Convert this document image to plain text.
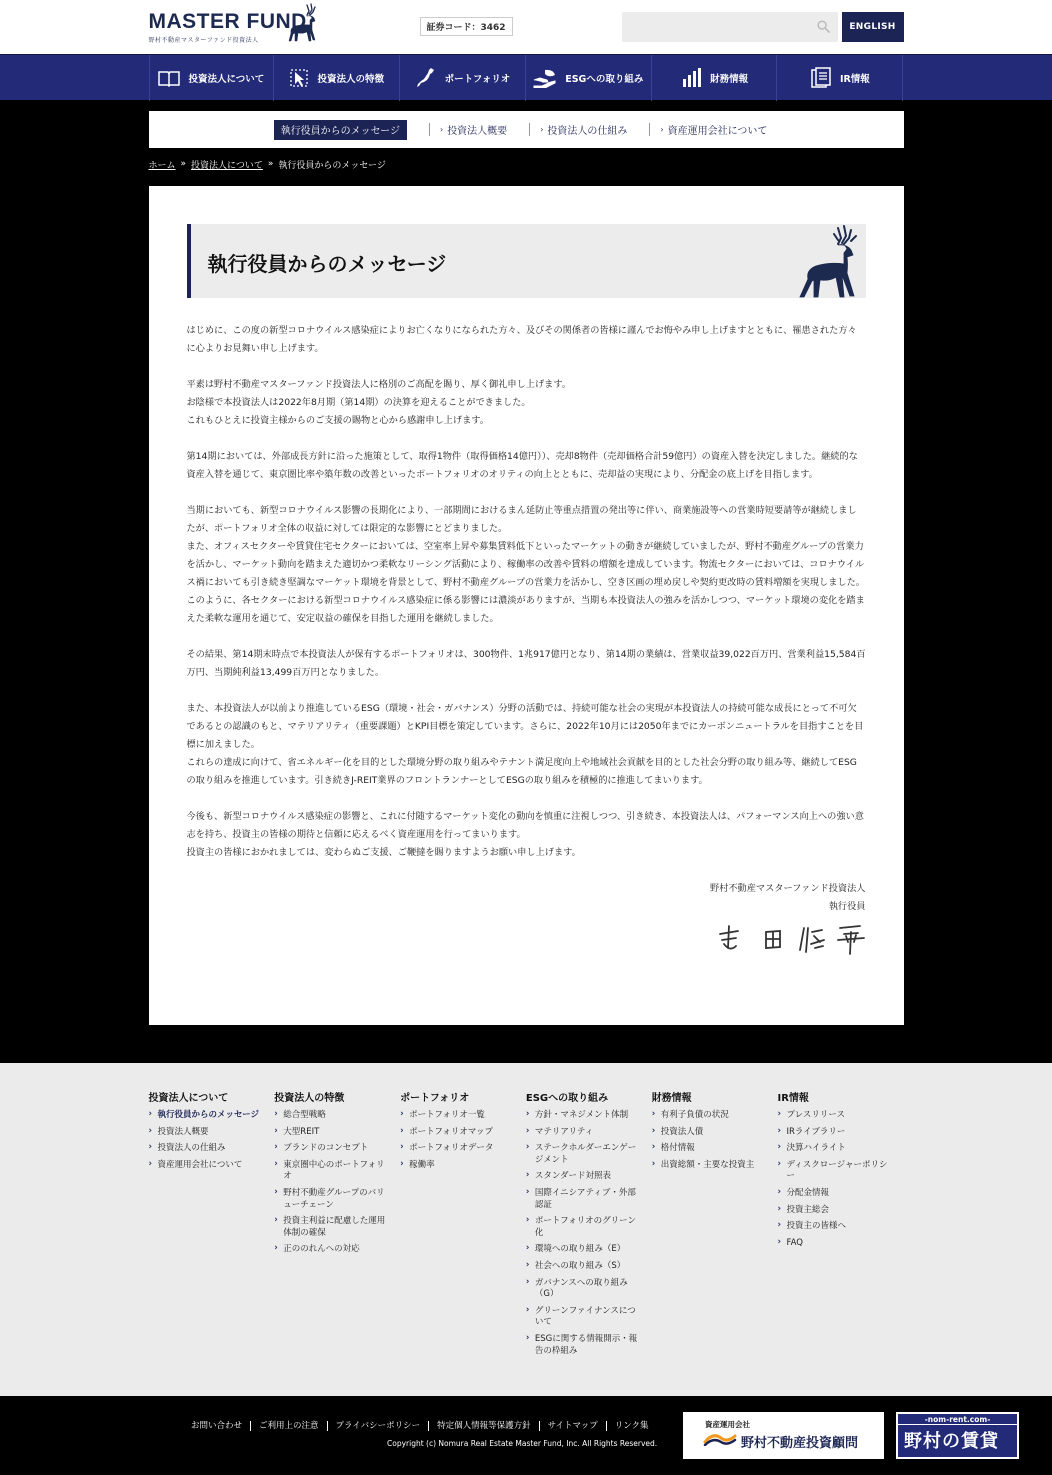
MASTER FUND
野村不動産マスターファンド投資法人
証券コード：3462	ENGLISH
投資法人について	投資法人の特徴	ポートフォリオ	ESGへの取り組み	財務情報	IR情報
執行役員からのメッセージ	› 投資法人概要	› 投資法人の仕組み	› 資産運用会社について
ホーム » 投資法人について » 執行役員からのメッセージ
執行役員からのメッセージ

はじめに、この度の新型コロナウイルス感染症によりお亡くなりになられた方々、及びその関係者の皆様に謹んでお悔やみ申し上げますとともに、罹患された方々に心よりお見舞い申し上げます。

平素は野村不動産マスターファンド投資法人に格別のご高配を賜り、厚く御礼申し上げます。
お陰様で本投資法人は2022年8月期（第14期）の決算を迎えることができました。
これもひとえに投資主様からのご支援の賜物と心から感謝申し上げます。

第14期においては、外部成長方針に沿った施策として、取得1物件（取得価格14億円））、売却8物件（売却価格合計59億円）の資産入替を決定しました。継続的な資産入替を通じて、東京圏比率や築年数の改善といったポートフォリオのオリティの向上とともに、売却益の実現により、分配金の底上げを目指します。

当期においても、新型コロナウイルス影響の長期化により、一部期間におけるまん延防止等重点措置の発出等に伴い、商業施設等への営業時短要請等が継続しましたが、ポートフォリオ全体の収益に対しては限定的な影響にとどまりました。
また、オフィスセクターや賃貸住宅セクターにおいては、空室率上昇や募集賃料低下といったマーケットの動きが継続していましたが、野村不動産グループの営業力を活かし、マーケット動向を踏まえた適切かつ柔軟なリーシング活動により、稼働率の改善や賃料の増額を達成しています。物流セクターにおいては、コロナウイルス禍においても引き続き堅調なマーケット環境を背景として、野村不動産グループの営業力を活かし、空き区画の埋め戻しや契約更改時の賃料増額を実現しました。このように、各セクターにおける新型コロナウイルス感染症に係る影響には濃淡がありますが、当期も本投資法人の強みを活かしつつ、マーケット環境の変化を踏まえた柔軟な運用を通じて、安定収益の確保を目指した運用を継続しました。

その結果、第14期末時点で本投資法人が保有するポートフォリオは、300物件、1兆917億円となり、第14期の業績は、営業収益39,022百万円、営業利益15,584百万円、当期純利益13,499百万円となりました。

また、本投資法人が以前より推進しているESG（環境・社会・ガバナンス）分野の活動では、持続可能な社会の実現が本投資法人の持続可能な成長にとって不可欠であるとの認識のもと、マテリアリティ（重要課題）とKPI目標を策定しています。さらに、2022年10月には2050年までにカーボンニュートラルを目指すことを目標に加えました。
これらの達成に向けて、省エネルギー化を目的とした環境分野の取り組みやテナント満足度向上や地域社会貢献を目的とした社会分野の取り組み等、継続してESGの取り組みを推進しています。引き続きJ-REIT業界のフロントランナーとしてESGの取り組みを積極的に推進してまいります。

今後も、新型コロナウイルス感染症の影響と、これに付随するマーケット変化の動向を慎重に注視しつつ、引き続き、本投資法人は、パフォーマンス向上への強い意志を持ち、投資主の皆様の期待と信頼に応えるべく資産運用を行ってまいります。
投資主の皆様におかれましては、変わらぬご支援、ご鞭撻を賜りますようお願い申し上げます。

野村不動産マスターファンド投資法人
執行役員
投資法人について
› 執行役員からのメッセージ
› 投資法人概要
› 投資法人の仕組み
› 資産運用会社について
投資法人の特徴
› 総合型戦略
› 大型REIT
› ブランドのコンセプト
› 東京圏中心のポートフォリオ
› 野村不動産グループのバリューチェーン
› 投資主利益に配慮した運用体制の確保
› 正ののれんへの対応
ポートフォリオ
› ポートフォリオ一覧
› ポートフォリオマップ
› ポートフォリオデータ
› 稼働率
ESGへの取り組み
› 方針・マネジメント体制
› マテリアリティ
› ステークホルダーエンゲージメント
› スタンダード対照表
› 国際イニシアティブ・外部認証
› ポートフォリオのグリーン化
› 環境への取り組み（E）
› 社会への取り組み（S）
› ガバナンスへの取り組み（G）
› グリーンファイナンスについて
› ESGに関する情報開示・報告の枠組み
財務情報
› 有利子負債の状況
› 投資法人債
› 格付情報
› 出資総額・主要な投資主
IR情報
› プレスリリース
› IRライブラリー
› 決算ハイライト
› ディスクロージャーポリシー
› 分配金情報
› 投資主総会
› 投資主の皆様へ
› FAQ
お問い合わせ	ご利用上の注意	プライバシーポリシー	特定個人情報等保護方針	サイトマップ	リンク集
Copyright (c) Nomura Real Estate Master Fund, Inc. All Rights Reserved.
資産運用会社
野村不動産投資顧問
-nom-rent.com-
野村の賃貸
